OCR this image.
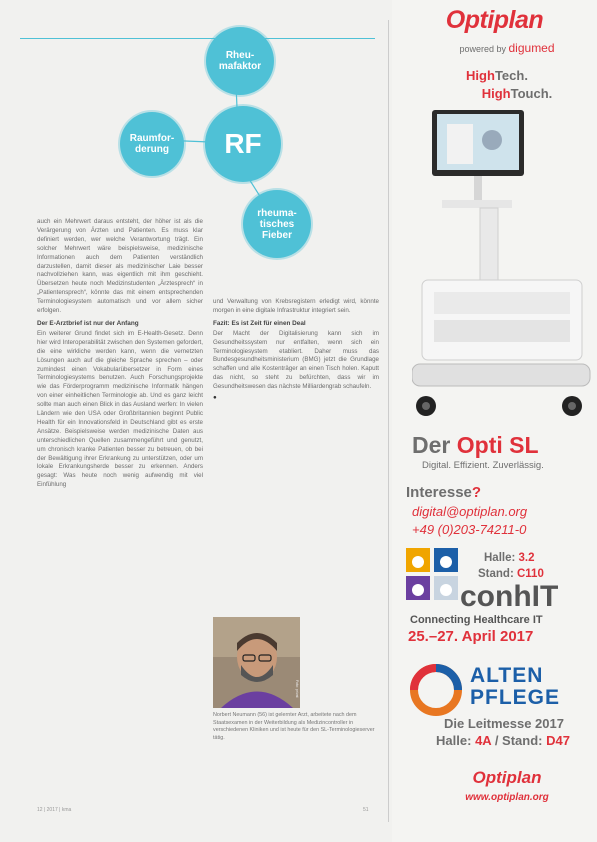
Rheu-
mafaktor
Raumfor-
derung	RF
rheuma-
tisches
Fieber

auch ein Mehrwert daraus entsteht, der höher ist als die Verärgerung von Ärzten und Patienten. Es muss klar definiert werden, wer welche Verantwortung trägt. Ein solcher Mehrwert wäre beispielsweise, medizinische Informationen auch dem Patienten verständlich darzustellen, damit dieser als medizinischer Laie besser nachvollziehen kann, was eigentlich mit ihm geschieht. Übersetzen heute noch Medizinstudenten „Ärztesprech“ in „Patientensprech“, könnte das mit einem entsprechenden Terminologiesystem automatisch und vor allem sicher erfolgen.

Der E-Arztbrief ist nur der Anfang

Ein weiterer Grund findet sich im E-Health-Gesetz. Denn hier wird Interoperabilität zwischen den Systemen gefordert, die eine wirkliche werden kann, wenn die vernetzten Lösungen auch auf die gleiche Sprache sprechen – oder zumindest einen Vokabularübersetzer in Form eines Terminologiesystems benutzen. Auch Forschungsprojekte wie das Förderprogramm medizinische Informatik hängen von einer einheitlichen Terminologie ab. Und es ganz leicht sollte man auch einen Blick in das Ausland werfen: In vielen Ländern wie den USA oder Großbritannien beginnt Public Health für ein Innovationsfeld in Deutschland gibt es erste Ansätze. Beispielsweise werden medizinische Daten aus unterschiedlichen Quellen zusammengeführt und genutzt, um chronisch kranke Patienten besser zu betreuen, ob bei der Bewältigung ihrer Erkrankung zu unterstützen, oder um lokale Erkrankungsherde besser zu erkennen. Anders gesagt: Was heute noch wenig aufwendig mit viel Einfühlung

und Verwaltung von Krebsregistern erledigt wird, könnte morgen in eine digitale Infrastruktur integriert sein.

Fazit: Es ist Zeit für einen Deal

Der Macht der Digitalisierung kann sich im Gesundheitssystem nur entfalten, wenn sich ein Terminologiesystem etabliert. Daher muss das Bundesgesundheitsministerium (BMG) jetzt die Grundlage schaffen und alle Kostenträger an einen Tisch holen. Kaputt das nicht, so steht zu befürchten, dass wir im Gesundheitswesen das nächste Milliardengrab schaufeln.

●
Foto: privat
Norbert Neumann (56) ist gelernter Arzt, arbeitete nach dem Staatsexamen in der Weiterbildung als Medizincontroller in verschiedenen Kliniken und ist heute für den SL-Terminologieserver tätig.
12 | 2017 | kma	51
Optiplan
powered by digumed
HighTech.
HighTouch.
Der Opti SL
Digital. Effizient. Zuverlässig.
Interesse?
digital@optiplan.org
+49 (0)203-74211-0
Halle: 3.2
Stand: C110
conhIT
Connecting Healthcare IT
25.–27. April 2017
ALTEN
PFLEGE
Die Leitmesse 2017
Halle: 4A / Stand: D47
Optiplan
www.optiplan.org
